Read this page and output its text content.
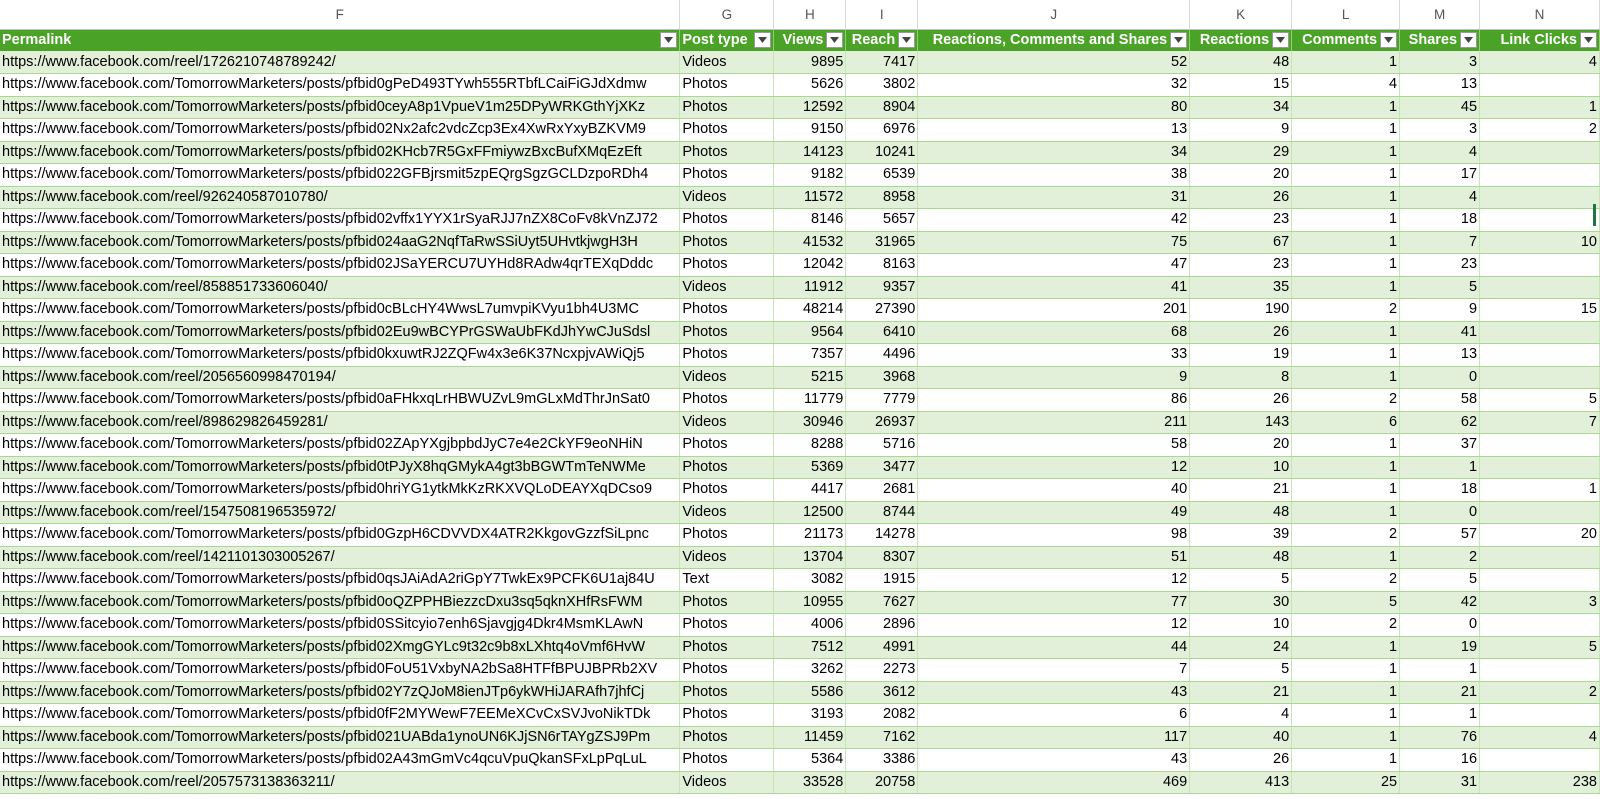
F	G	H	I	J	K	L	M	N
Permalink	Post type	Views	Reach	Reactions, Comments and Shares	Reactions	Comments	Shares	Link Clicks

https://www.facebook.com/reel/1726210748789242/	Videos	9895	7417	52	48	1	3	4
https://www.facebook.com/TomorrowMarketers/posts/pfbid0gPeD493TYwh555RTbfLCaiFiGJdXdmw	Photos	5626	3802	32	15	4	13	
https://www.facebook.com/TomorrowMarketers/posts/pfbid0ceyA8p1VpueV1m25DPyWRKGthYjXKz	Photos	12592	8904	80	34	1	45	1
https://www.facebook.com/TomorrowMarketers/posts/pfbid02Nx2afc2vdcZcp3Ex4XwRxYxyBZKVM9	Photos	9150	6976	13	9	1	3	2
https://www.facebook.com/TomorrowMarketers/posts/pfbid02KHcb7R5GxFFmiywzBxcBufXMqEzEft	Photos	14123	10241	34	29	1	4	
https://www.facebook.com/TomorrowMarketers/posts/pfbid022GFBjrsmit5zpEQrgSgzGCLDzpoRDh4	Photos	9182	6539	38	20	1	17	
https://www.facebook.com/reel/926240587010780/	Videos	11572	8958	31	26	1	4	
https://www.facebook.com/TomorrowMarketers/posts/pfbid02vffx1YYX1rSyaRJJ7nZX8CoFv8kVnZJ72	Photos	8146	5657	42	23	1	18	
https://www.facebook.com/TomorrowMarketers/posts/pfbid024aaG2NqfTaRwSSiUyt5UHvtkjwgH3H	Photos	41532	31965	75	67	1	7	10
https://www.facebook.com/TomorrowMarketers/posts/pfbid02JSaYERCU7UYHd8RAdw4qrTEXqDddc	Photos	12042	8163	47	23	1	23	
https://www.facebook.com/reel/858851733606040/	Videos	11912	9357	41	35	1	5	
https://www.facebook.com/TomorrowMarketers/posts/pfbid0cBLcHY4WwsL7umvpiKVyu1bh4U3MC	Photos	48214	27390	201	190	2	9	15
https://www.facebook.com/TomorrowMarketers/posts/pfbid02Eu9wBCYPrGSWaUbFKdJhYwCJuSdsl	Photos	9564	6410	68	26	1	41	
https://www.facebook.com/TomorrowMarketers/posts/pfbid0kxuwtRJ2ZQFw4x3e6K37NcxpjvAWiQj5	Photos	7357	4496	33	19	1	13	
https://www.facebook.com/reel/2056560998470194/	Videos	5215	3968	9	8	1	0	
https://www.facebook.com/TomorrowMarketers/posts/pfbid0aFHkxqLrHBWUZvL9mGLxMdThrJnSat0	Photos	11779	7779	86	26	2	58	5
https://www.facebook.com/reel/898629826459281/	Videos	30946	26937	211	143	6	62	7
https://www.facebook.com/TomorrowMarketers/posts/pfbid02ZApYXgjbpbdJyC7e4e2CkYF9eoNHiN	Photos	8288	5716	58	20	1	37	
https://www.facebook.com/TomorrowMarketers/posts/pfbid0tPJyX8hqGMykA4gt3bBGWTmTeNWMe	Photos	5369	3477	12	10	1	1	
https://www.facebook.com/TomorrowMarketers/posts/pfbid0hriYG1ytkMkKzRKXVQLoDEAYXqDCso9	Photos	4417	2681	40	21	1	18	1
https://www.facebook.com/reel/1547508196535972/	Videos	12500	8744	49	48	1	0	
https://www.facebook.com/TomorrowMarketers/posts/pfbid0GzpH6CDVVDX4ATR2KkgovGzzfSiLpnc	Photos	21173	14278	98	39	2	57	20
https://www.facebook.com/reel/1421101303005267/	Videos	13704	8307	51	48	1	2	
https://www.facebook.com/TomorrowMarketers/posts/pfbid0qsJAiAdA2riGpY7TwkEx9PCFK6U1aj84U	Text	3082	1915	12	5	2	5	
https://www.facebook.com/TomorrowMarketers/posts/pfbid0oQZPPHBiezzcDxu3sq5qknXHfRsFWM	Photos	10955	7627	77	30	5	42	3
https://www.facebook.com/TomorrowMarketers/posts/pfbid0SSitcyio7enh6Sjavgjg4Dkr4MsmKLAwN	Photos	4006	2896	12	10	2	0	
https://www.facebook.com/TomorrowMarketers/posts/pfbid02XmgGYLc9t32c9b8xLXhtq4oVmf6HvW	Photos	7512	4991	44	24	1	19	5
https://www.facebook.com/TomorrowMarketers/posts/pfbid0FoU51VxbyNA2bSa8HTFfBPUJBPRb2XV	Photos	3262	2273	7	5	1	1	
https://www.facebook.com/TomorrowMarketers/posts/pfbid02Y7zQJoM8ienJTp6ykWHiJARAfh7jhfCj	Photos	5586	3612	43	21	1	21	2
https://www.facebook.com/TomorrowMarketers/posts/pfbid0fF2MYWewF7EEMeXCvCxSVJvoNikTDk	Photos	3193	2082	6	4	1	1	
https://www.facebook.com/TomorrowMarketers/posts/pfbid021UABda1ynoUN6KJjSN6rTAYgZSJ9Pm	Photos	11459	7162	117	40	1	76	4
https://www.facebook.com/TomorrowMarketers/posts/pfbid02A43mGmVc4qcuVpuQkanSFxLpPqLuL	Photos	5364	3386	43	26	1	16	
https://www.facebook.com/reel/2057573138363211/	Videos	33528	20758	469	413	25	31	238
